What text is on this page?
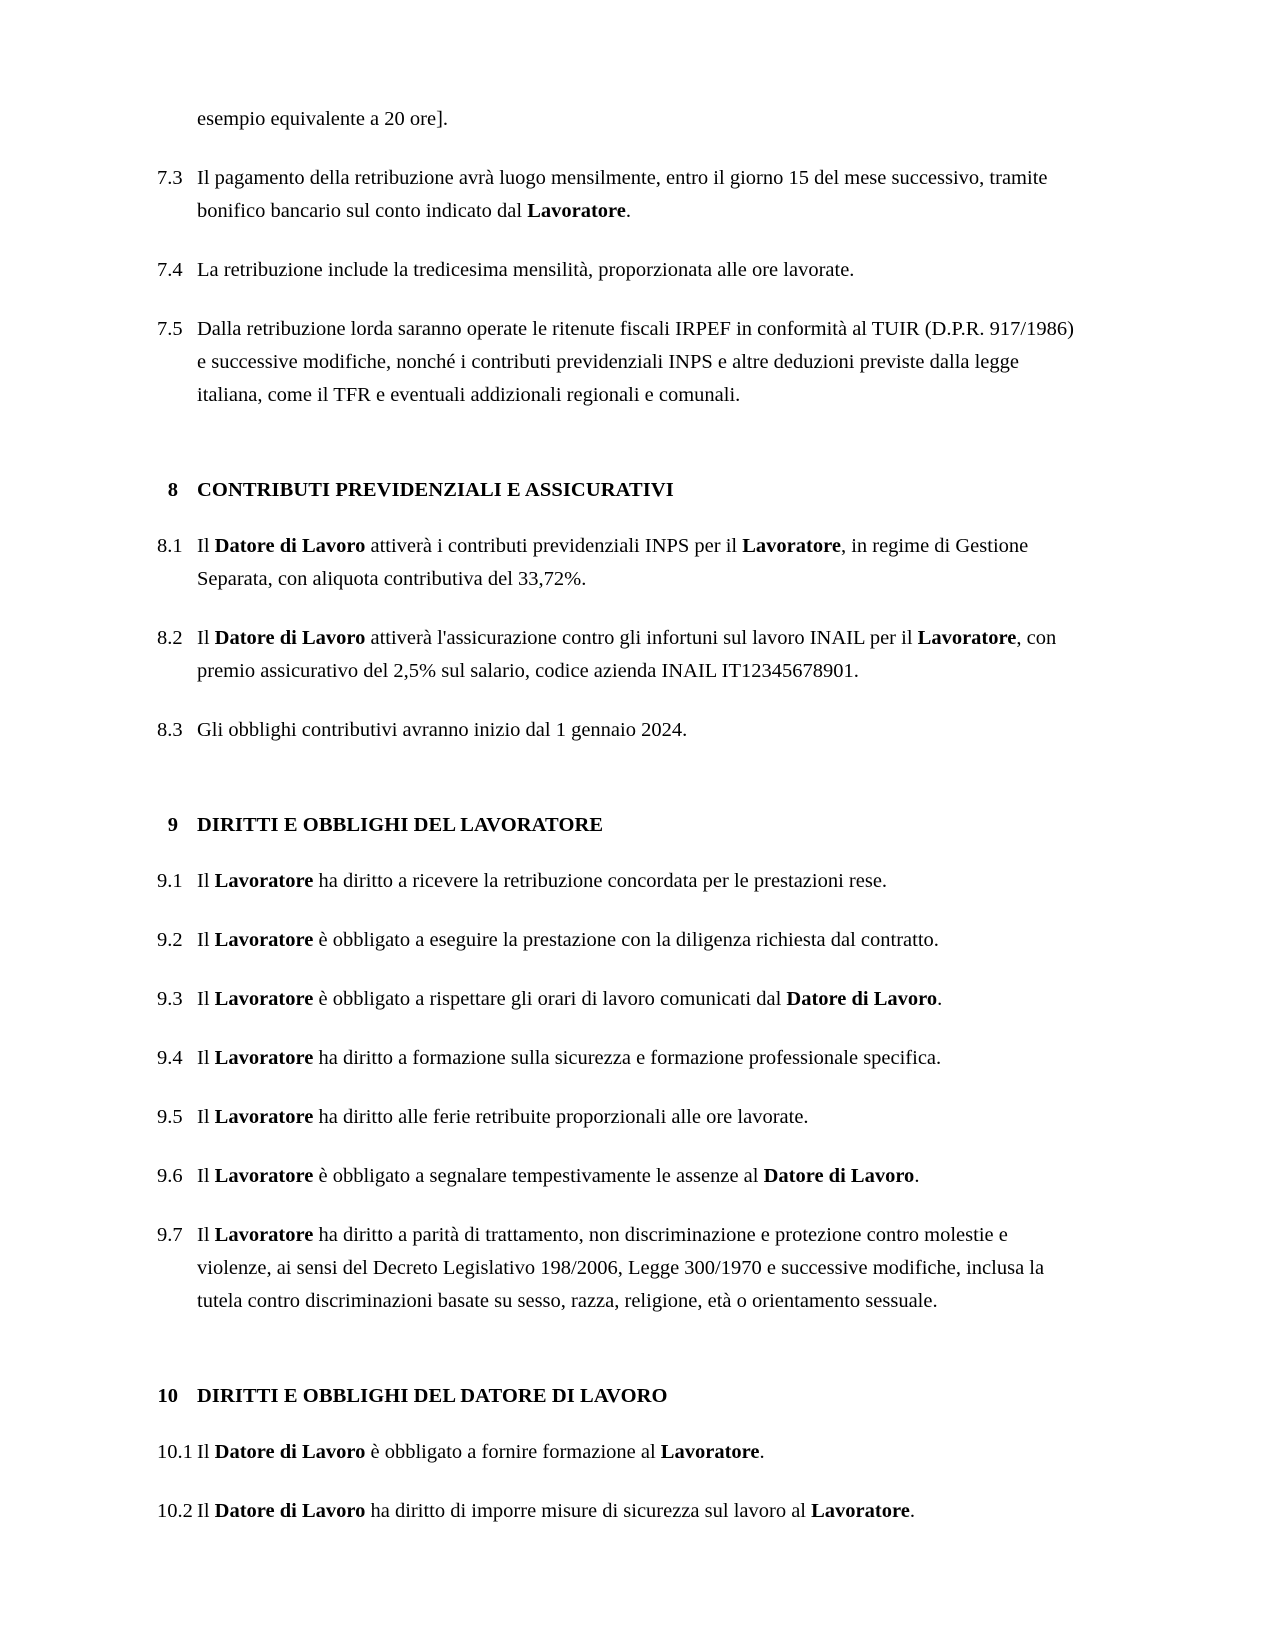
esempio equivalente a 20 ore].

7.3 Il pagamento della retribuzione avrà luogo mensilmente, entro il giorno 15 del mese successivo, tramite bonifico bancario sul conto indicato dal Lavoratore.
7.4 La retribuzione include la tredicesima mensilità, proporzionata alle ore lavorate.
7.5 Dalla retribuzione lorda saranno operate le ritenute fiscali IRPEF in conformità al TUIR (D.P.R. 917/1986) e successive modifiche, nonché i contributi previdenziali INPS e altre deduzioni previste dalla legge italiana, come il TFR e eventuali addizionali regionali e comunali.
8 CONTRIBUTI PREVIDENZIALI E ASSICURATIVI
8.1 Il Datore di Lavoro attiverà i contributi previdenziali INPS per il Lavoratore, in regime di Gestione Separata, con aliquota contributiva del 33,72%.
8.2 Il Datore di Lavoro attiverà l'assicurazione contro gli infortuni sul lavoro INAIL per il Lavoratore, con premio assicurativo del 2,5% sul salario, codice azienda INAIL IT12345678901.
8.3 Gli obblighi contributivi avranno inizio dal 1 gennaio 2024.
9 DIRITTI E OBBLIGHI DEL LAVORATORE
9.1 Il Lavoratore ha diritto a ricevere la retribuzione concordata per le prestazioni rese.
9.2 Il Lavoratore è obbligato a eseguire la prestazione con la diligenza richiesta dal contratto.
9.3 Il Lavoratore è obbligato a rispettare gli orari di lavoro comunicati dal Datore di Lavoro.
9.4 Il Lavoratore ha diritto a formazione sulla sicurezza e formazione professionale specifica.
9.5 Il Lavoratore ha diritto alle ferie retribuite proporzionali alle ore lavorate.
9.6 Il Lavoratore è obbligato a segnalare tempestivamente le assenze al Datore di Lavoro.
9.7 Il Lavoratore ha diritto a parità di trattamento, non discriminazione e protezione contro molestie e violenze, ai sensi del Decreto Legislativo 198/2006, Legge 300/1970 e successive modifiche, inclusa la tutela contro discriminazioni basate su sesso, razza, religione, età o orientamento sessuale.
10 DIRITTI E OBBLIGHI DEL DATORE DI LAVORO
10.1 Il Datore di Lavoro è obbligato a fornire formazione al Lavoratore.
10.2 Il Datore di Lavoro ha diritto di imporre misure di sicurezza sul lavoro al Lavoratore.
